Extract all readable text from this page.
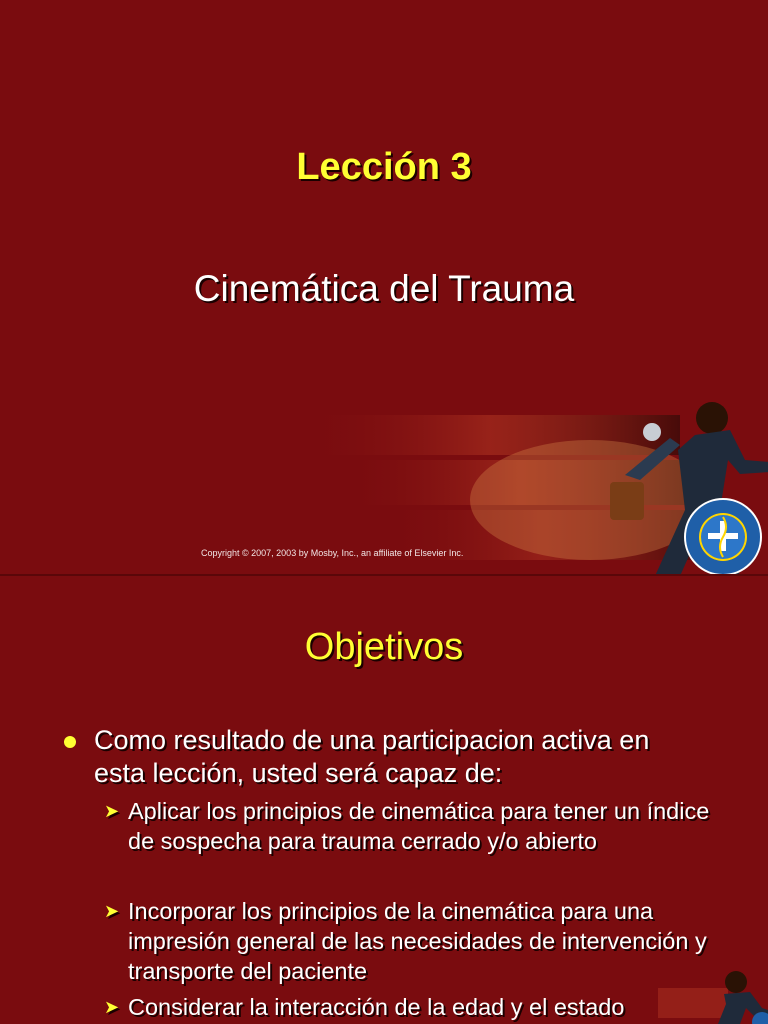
Lección 3
Cinemática del Trauma
Copyright © 2007, 2003 by Mosby, Inc., an affiliate of Elsevier Inc.
Objetivos
Como resultado de una participacion activa en esta lección, usted será capaz de:
➤ Aplicar los principios de cinemática para tener un índice de sospecha para trauma cerrado y/o abierto
➤ Incorporar los principios de la cinemática para una impresión general de las necesidades de intervención y transporte del paciente
➤ Considerar la interacción de la edad y el estado
